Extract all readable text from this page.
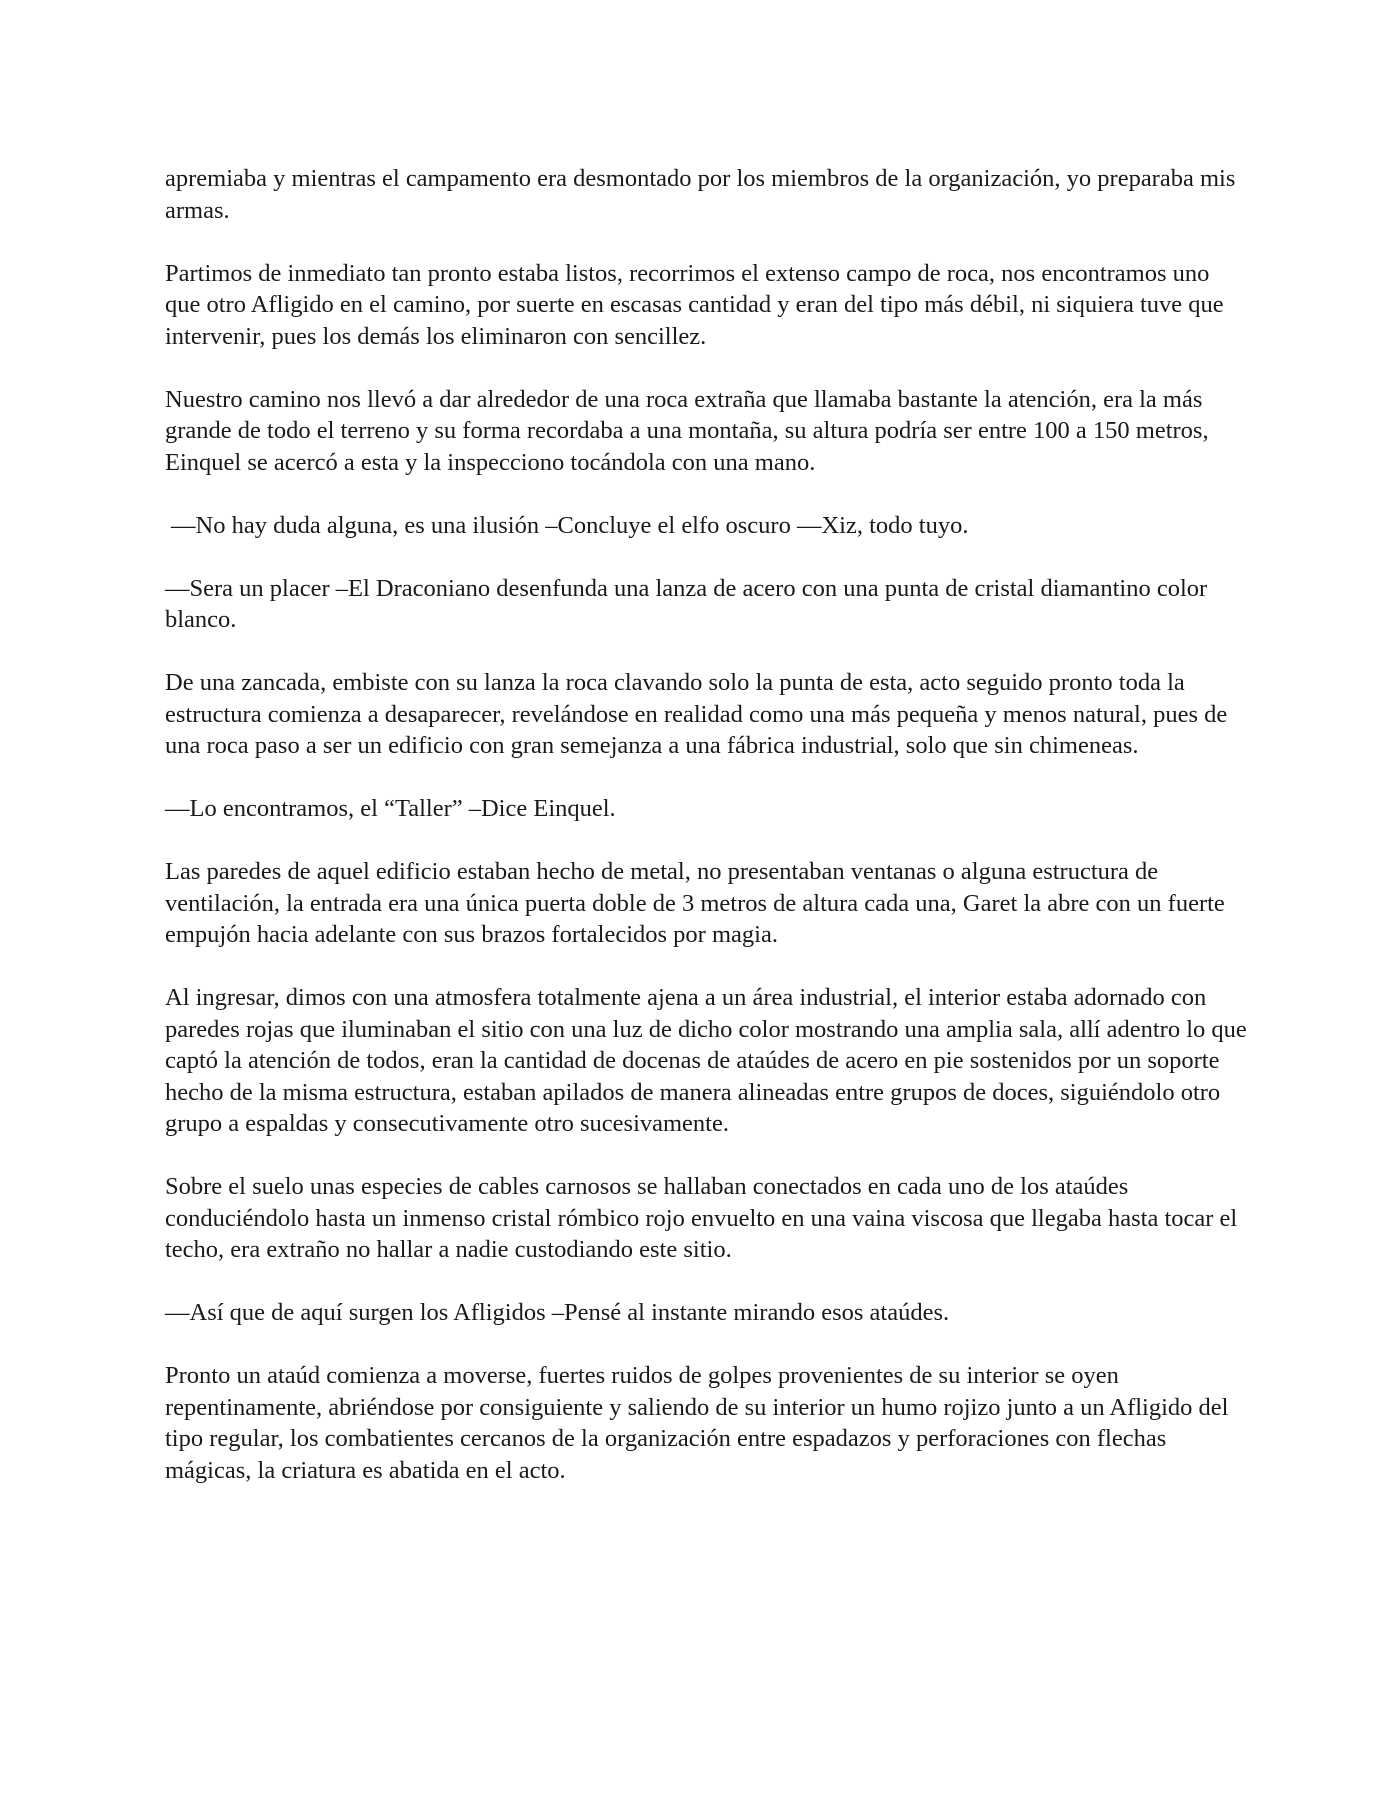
apremiaba y mientras el campamento era desmontado por los miembros de la organización, yo preparaba mis armas.

Partimos de inmediato tan pronto estaba listos, recorrimos el extenso campo de roca, nos encontramos uno que otro Afligido en el camino, por suerte en escasas cantidad y eran del tipo más débil, ni siquiera tuve que intervenir, pues los demás los eliminaron con sencillez.

Nuestro camino nos llevó a dar alrededor de una roca extraña que llamaba bastante la atención, era la más grande de todo el terreno y su forma recordaba a una montaña, su altura podría ser entre 100 a 150 metros, Einquel se acercó a esta y la inspecciono tocándola con una mano.

—No hay duda alguna, es una ilusión –Concluye el elfo oscuro —Xiz, todo tuyo.

—Sera un placer –El Draconiano desenfunda una lanza de acero con una punta de cristal diamantino color blanco.

De una zancada, embiste con su lanza la roca clavando solo la punta de esta, acto seguido pronto toda la estructura comienza a desaparecer, revelándose en realidad como una más pequeña y menos natural, pues de una roca paso a ser un edificio con gran semejanza a una fábrica industrial, solo que sin chimeneas.

—Lo encontramos, el “Taller” –Dice Einquel.

Las paredes de aquel edificio estaban hecho de metal, no presentaban ventanas o alguna estructura de ventilación, la entrada era una única puerta doble de 3 metros de altura cada una, Garet la abre con un fuerte empujón hacia adelante con sus brazos fortalecidos por magia.

Al ingresar, dimos con una atmosfera totalmente ajena a un área industrial, el interior estaba adornado con paredes rojas que iluminaban el sitio con una luz de dicho color mostrando una amplia sala, allí adentro lo que captó la atención de todos, eran la cantidad de docenas de ataúdes de acero en pie sostenidos por un soporte hecho de la misma estructura, estaban apilados de manera alineadas entre grupos de doces, siguiéndolo otro grupo a espaldas y consecutivamente otro sucesivamente.

Sobre el suelo unas especies de cables carnosos se hallaban conectados en cada uno de los ataúdes conduciéndolo hasta un inmenso cristal rómbico rojo envuelto en una vaina viscosa que llegaba hasta tocar el techo, era extraño no hallar a nadie custodiando este sitio.

—Así que de aquí surgen los Afligidos –Pensé al instante mirando esos ataúdes.

Pronto un ataúd comienza a moverse, fuertes ruidos de golpes provenientes de su interior se oyen repentinamente, abriéndose por consiguiente y saliendo de su interior un humo rojizo junto a un Afligido del tipo regular, los combatientes cercanos de la organización entre espadazos y perforaciones con flechas mágicas, la criatura es abatida en el acto.
